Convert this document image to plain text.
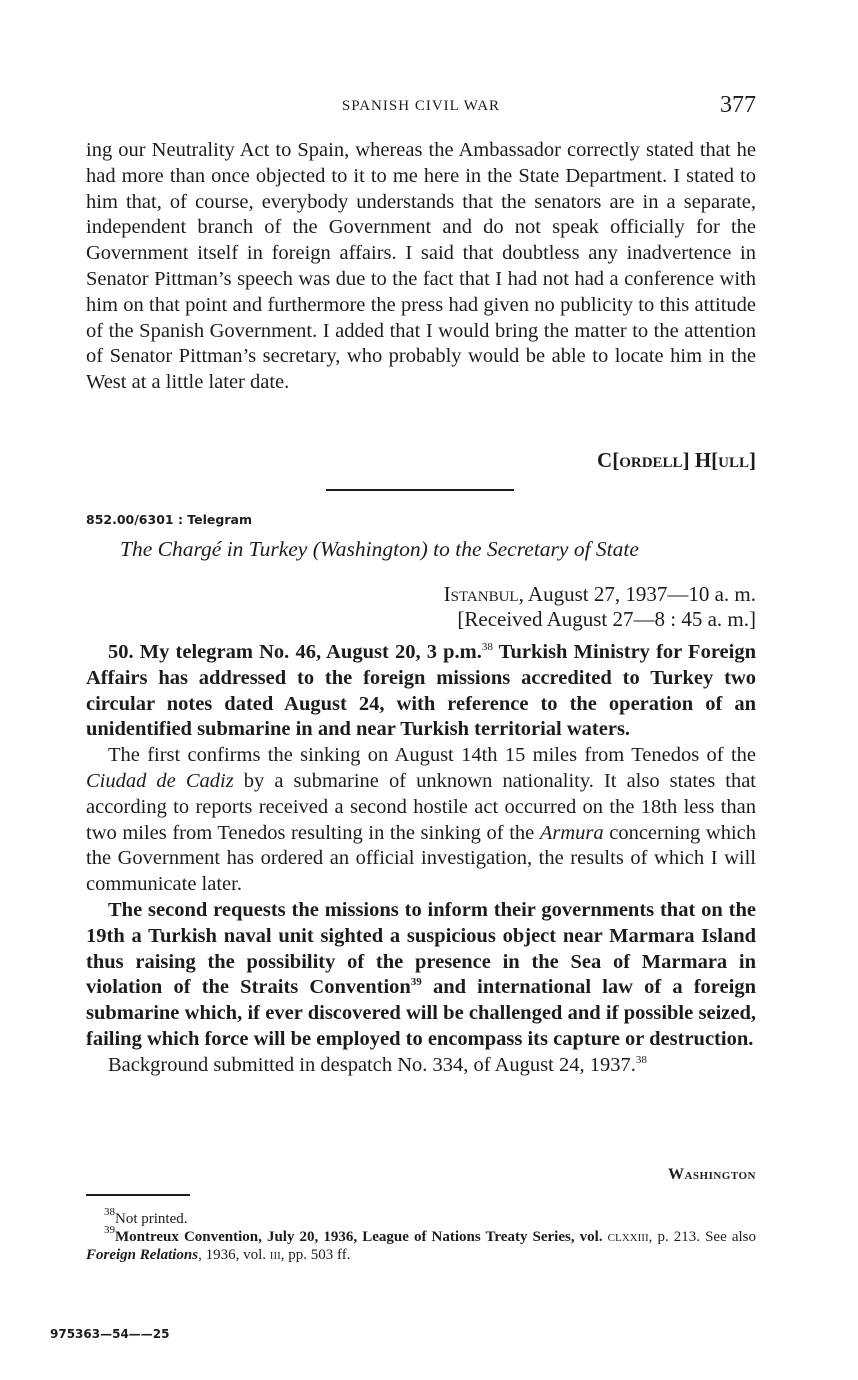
SPANISH CIVIL WAR	377

ing our Neutrality Act to Spain, whereas the Ambassador correctly stated that he had more than once objected to it to me here in the State Department. I stated to him that, of course, everybody understands that the senators are in a separate, independent branch of the Government and do not speak officially for the Government itself in foreign affairs. I said that doubtless any inadvertence in Senator Pittman’s speech was due to the fact that I had not had a conference with him on that point and furthermore the press had given no publicity to this attitude of the Spanish Government. I added that I would bring the matter to the attention of Senator Pittman’s secretary, who probably would be able to locate him in the West at a little later date.

C[ordell] H[ull]
852.00/6301 : Telegram
The Chargé in Turkey (Washington) to the Secretary of State
Istanbul, August 27, 1937—10 a. m.
[Received August 27—8 : 45 a. m.]

50. My telegram No. 46, August 20, 3 p.m.$^{38}$ Turkish Ministry for Foreign Affairs has addressed to the foreign missions accredited to Turkey two circular notes dated August 24, with reference to the operation of an unidentified submarine in and near Turkish territorial waters.

The first confirms the sinking on August 14th 15 miles from Tenedos of the Ciudad de Cadiz by a submarine of unknown nationality. It also states that according to reports received a second hostile act occurred on the 18th less than two miles from Tenedos resulting in the sinking of the Armura concerning which the Government has ordered an official investigation, the results of which I will communicate later.

The second requests the missions to inform their governments that on the 19th a Turkish naval unit sighted a suspicious object near Marmara Island thus raising the possibility of the presence in the Sea of Marmara in violation of the Straits Convention$^{39}$ and international law of a foreign submarine which, if ever discovered will be challenged and if possible seized, failing which force will be employed to encompass its capture or destruction.

Background submitted in despatch No. 334, of August 24, 1937.38

Washington

$^{38}$Not printed.

$^{39}$Montreux Convention, July 20, 1936, League of Nations Treaty Series, vol. clxxiii, p. 213. See also Foreign Relations, 1936, vol. iii, pp. 503 ff.

975363—54——25
